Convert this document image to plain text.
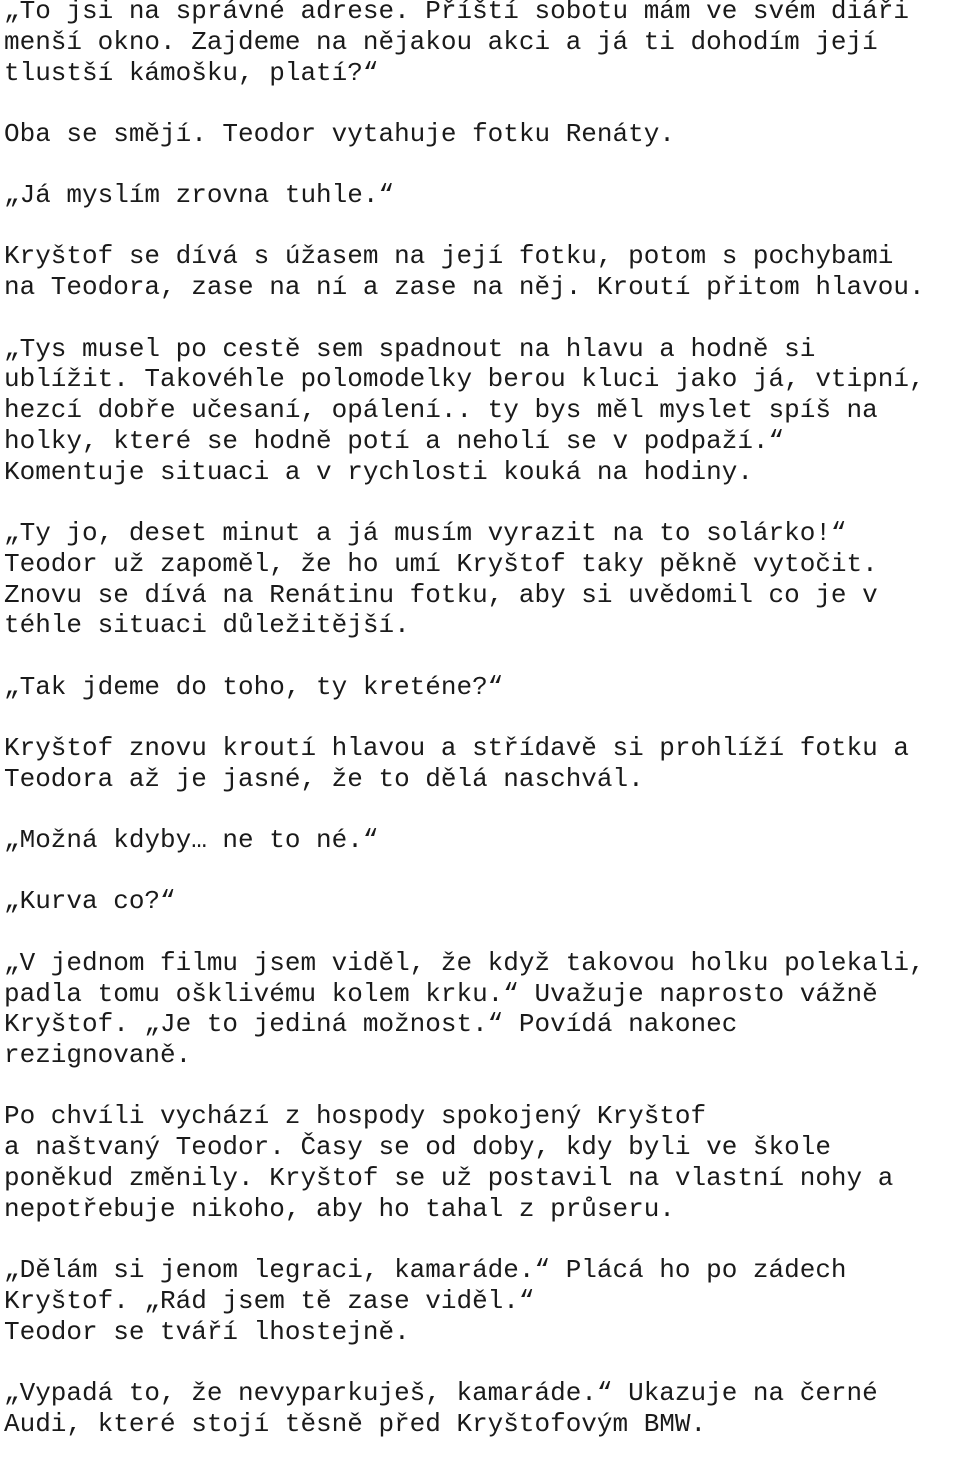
„To jsi na správné adrese. Příští sobotu mám ve svém diáři
menší okno. Zajdeme na nějakou akci a já ti dohodím její
tlustší kámošku, platí?“

Oba se smějí. Teodor vytahuje fotku Renáty.

„Já myslím zrovna tuhle.“

Kryštof se dívá s úžasem na její fotku, potom s pochybami
na Teodora, zase na ní a zase na něj. Kroutí přitom hlavou.

„Tys musel po cestě sem spadnout na hlavu a hodně si
ublížit. Takovéhle polomodelky berou kluci jako já, vtipní,
hezcí dobře učesaní, opálení.. ty bys měl myslet spíš na
holky, které se hodně potí a neholí se v podpaží.“
Komentuje situaci a v rychlosti kouká na hodiny.

„Ty jo, deset minut a já musím vyrazit na to solárko!“
Teodor už zapoměl, že ho umí Kryštof taky pěkně vytočit.
Znovu se dívá na Renátinu fotku, aby si uvědomil co je v
téhle situaci důležitější.

„Tak jdeme do toho, ty kreténe?“

Kryštof znovu kroutí hlavou a střídavě si prohlíží fotku a
Teodora až je jasné, že to dělá naschvál.

„Možná kdyby… ne to né.“

„Kurva co?“

„V jednom filmu jsem viděl, že když takovou holku polekali,
padla tomu ošklivému kolem krku.“ Uvažuje naprosto vážně
Kryštof. „Je to jediná možnost.“ Povídá nakonec
rezignovaně.

Po chvíli vychází z hospody spokojený Kryštof
a naštvaný Teodor. Časy se od doby, kdy byli ve škole
poněkud změnily. Kryštof se už postavil na vlastní nohy a
nepotřebuje nikoho, aby ho tahal z průseru.

„Dělám si jenom legraci, kamaráde.“ Plácá ho po zádech
Kryštof. „Rád jsem tě zase viděl.“
Teodor se tváří lhostejně.

„Vypadá to, že nevyparkuješ, kamaráde.“ Ukazuje na černé
Audi, které stojí těsně před Kryštofovým BMW.
